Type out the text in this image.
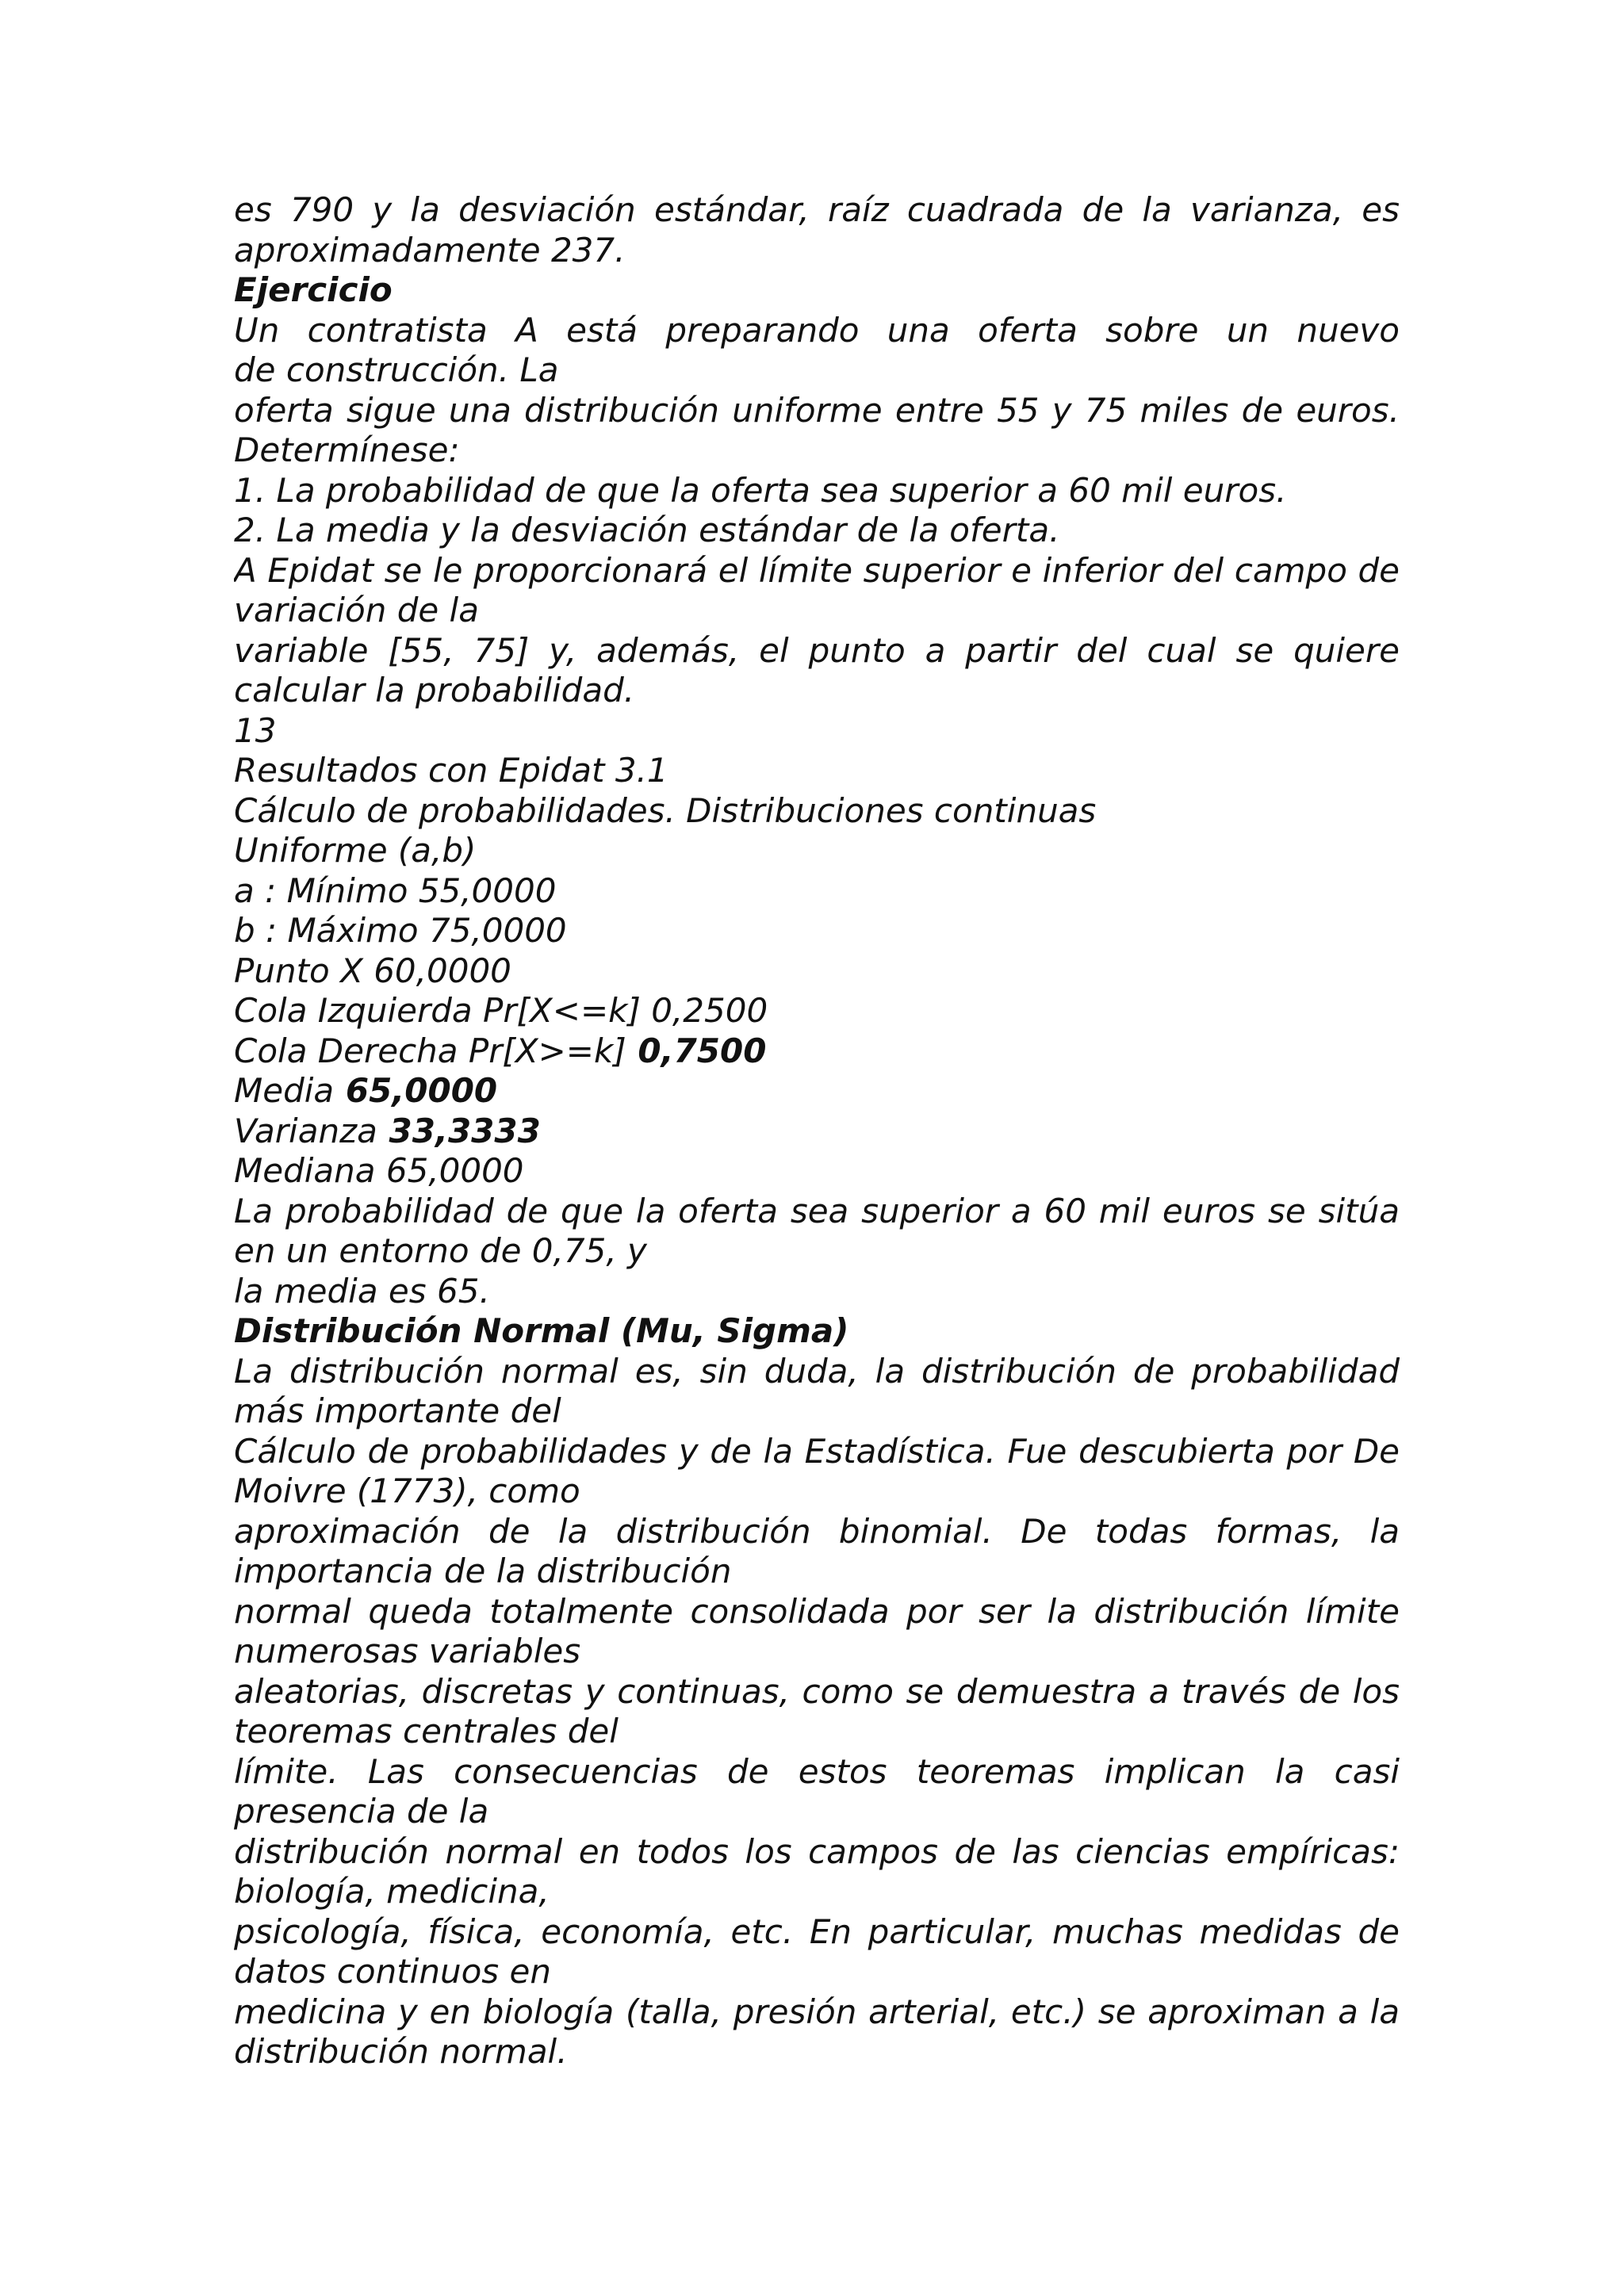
es 790 y la desviación estándar, raíz cuadrada de la varianza, es
aproximadamente 237.
Ejercicio
Un contratista A está preparando una oferta sobre un nuevo
de construcción. La
oferta sigue una distribución uniforme entre 55 y 75 miles de euros.
Determínese:
1. La probabilidad de que la oferta sea superior a 60 mil euros.
2. La media y la desviación estándar de la oferta.
A Epidat se le proporcionará el límite superior e inferior del campo de
variación de la
variable [55, 75] y, además, el punto a partir del cual se quiere
calcular la probabilidad.
13
Resultados con Epidat 3.1
Cálculo de probabilidades. Distribuciones continuas
Uniforme (a,b)
a : Mínimo 55,0000
b : Máximo 75,0000
Punto X 60,0000
Cola Izquierda Pr[X<=k] 0,2500
Cola Derecha Pr[X>=k] 0,7500
Media 65,0000
Varianza 33,3333
Mediana 65,0000
La probabilidad de que la oferta sea superior a 60 mil euros se sitúa
en un entorno de 0,75, y
la media es 65.
Distribución Normal (Mu, Sigma)
La distribución normal es, sin duda, la distribución de probabilidad
más importante del
Cálculo de probabilidades y de la Estadística. Fue descubierta por De
Moivre (1773), como
aproximación de la distribución binomial. De todas formas, la
importancia de la distribución
normal queda totalmente consolidada por ser la distribución límite
numerosas variables
aleatorias, discretas y continuas, como se demuestra a través de los
teoremas centrales del
límite. Las consecuencias de estos teoremas implican la casi
presencia de la
distribución normal en todos los campos de las ciencias empíricas:
biología, medicina,
psicología, física, economía, etc. En particular, muchas medidas de
datos continuos en
medicina y en biología (talla, presión arterial, etc.) se aproximan a la
distribución normal.
